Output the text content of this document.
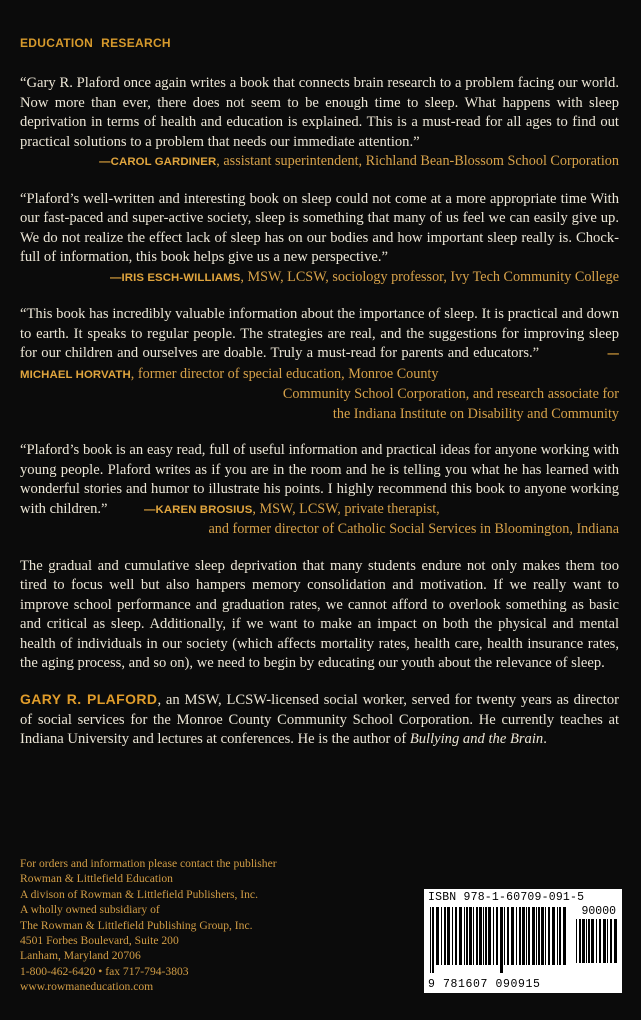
EDUCATION RESEARCH

“Gary R. Plaford once again writes a book that connects brain research to a problem facing our world. Now more than ever, there does not seem to be enough time to sleep. What happens with sleep deprivation in terms of health and education is explained. This is a must-read for all ages to find out practical solutions to a problem that needs our immediate attention.”

—CAROL GARDINER, assistant superintendent, Richland Bean-Blossom School Corporation

“Plaford’s well-written and interesting book on sleep could not come at a more appropriate time With our fast-paced and super-active society, sleep is something that many of us feel we can easily give up. We do not realize the effect lack of sleep has on our bodies and how important sleep really is. Chock-full of information, this book helps give us a new perspective.”

—IRIS ESCH-WILLIAMS, MSW, LCSW, sociology professor, Ivy Tech Community College

“This book has incredibly valuable information about the importance of sleep. It is practical and down to earth. It speaks to regular people. The strategies are real, and the suggestions for improving sleep for our children and ourselves are doable. Truly a must-read for parents and educators.”	—MICHAEL HORVATH, former director of special education, Monroe County

Community School Corporation, and research associate for
the Indiana Institute on Disability and Community

“Plaford’s book is an easy read, full of useful information and practical ideas for anyone working with young people. Plaford writes as if you are in the room and he is telling you what he has learned with wonderful stories and humor to illustrate his points. I highly recommend this book to anyone working with children.”	—KAREN BROSIUS, MSW, LCSW, private therapist,

and former director of Catholic Social Services in Bloomington, Indiana

The gradual and cumulative sleep deprivation that many students endure not only makes them too tired to focus well but also hampers memory consolidation and motivation. If we really want to improve school performance and graduation rates, we cannot afford to overlook something as basic and critical as sleep. Additionally, if we want to make an impact on both the physical and mental health of individuals in our society (which affects mortality rates, health care, health insurance rates, the aging process, and so on), we need to begin by educating our youth about the relevance of sleep.

GARY R. PLAFORD, an MSW, LCSW-licensed social worker, served for twenty years as director of social services for the Monroe County Community School Corporation. He currently teaches at Indiana University and lectures at conferences. He is the author of Bullying and the Brain.

For orders and information please contact the publisher
Rowman & Littlefield Education
A divison of Rowman & Littlefield Publishers, Inc.
A wholly owned subsidiary of
The Rowman & Littlefield Publishing Group, Inc.
4501 Forbes Boulevard, Suite 200
Lanham, Maryland 20706
1-800-462-6420 • fax 717-794-3803
www.rowmaneducation.com
ISBN 978-1-60709-091-5
90000
9 781607 090915
